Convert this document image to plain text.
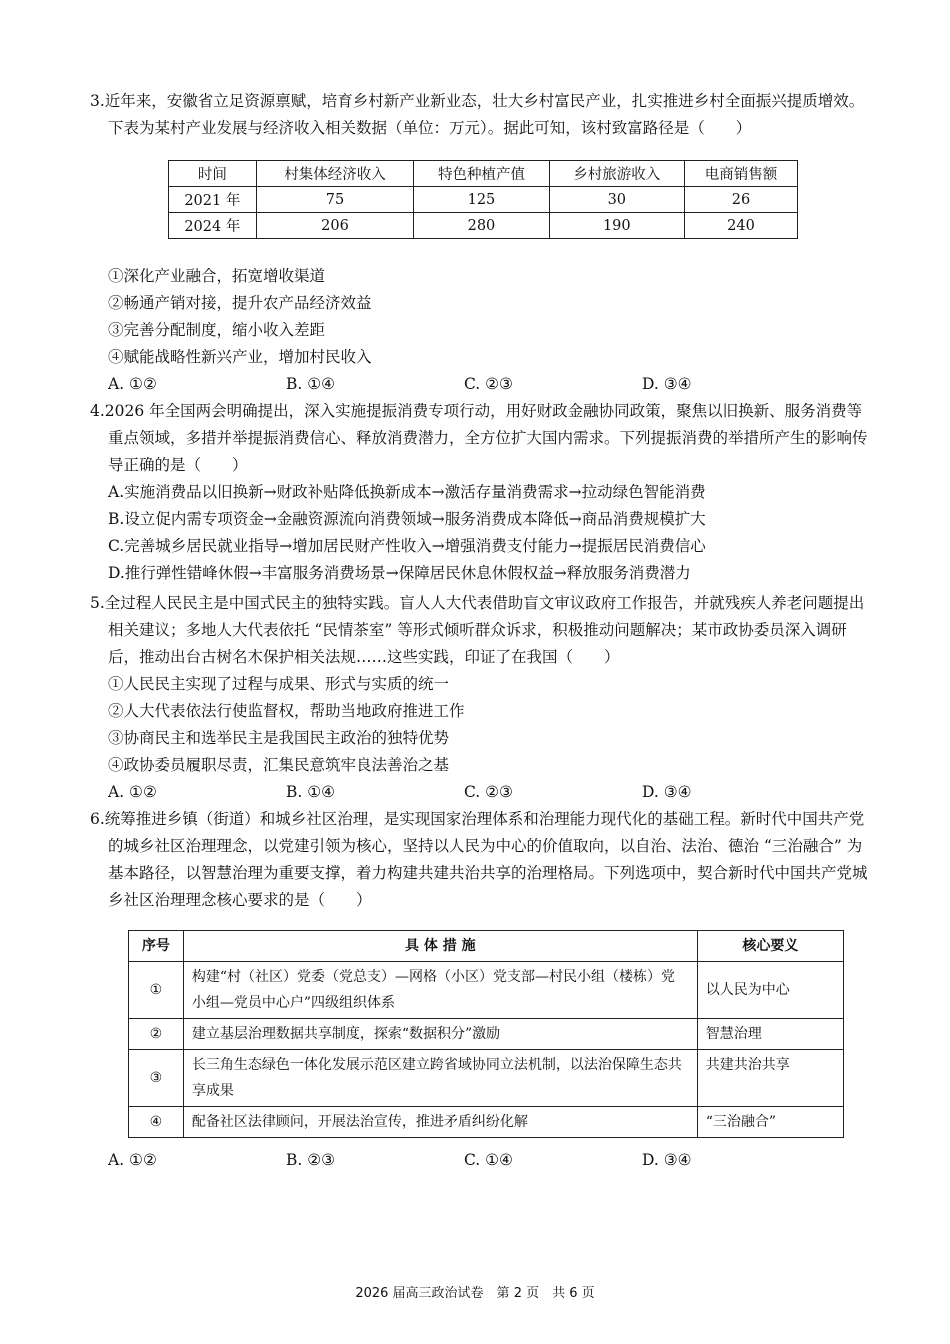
3.近年来，安徽省立足资源禀赋，培育乡村新产业新业态，壮大乡村富民产业，扎实推进乡村全面振兴提质增效。下表为某村产业发展与经济收入相关数据（单位：万元）。据此可知，该村致富路径是（　　）

时间	村集体经济收入	特色种植产值	乡村旅游收入	电商销售额
2021 年	75	125	30	26
2024 年	206	280	190	240

①深化产业融合，拓宽增收渠道

②畅通产销对接，提升农产品经济效益

③完善分配制度，缩小收入差距

④赋能战略性新兴产业，增加村民收入

A. ①②	B. ①④	C. ②③	D. ③④

4.2026 年全国两会明确提出，深入实施提振消费专项行动，用好财政金融协同政策，聚焦以旧换新、服务消费等重点领域，多措并举提振消费信心、释放消费潜力，全方位扩大国内需求。下列提振消费的举措所产生的影响传导正确的是（　　）

A.实施消费品以旧换新→财政补贴降低换新成本→激活存量消费需求→拉动绿色智能消费

B.设立促内需专项资金→金融资源流向消费领域→服务消费成本降低→商品消费规模扩大

C.完善城乡居民就业指导→增加居民财产性收入→增强消费支付能力→提振居民消费信心

D.推行弹性错峰休假→丰富服务消费场景→保障居民休息休假权益→释放服务消费潜力

5.全过程人民民主是中国式民主的独特实践。盲人人大代表借助盲文审议政府工作报告，并就残疾人养老问题提出相关建议；多地人大代表依托 “民情茶室” 等形式倾听群众诉求，积极推动问题解决；某市政协委员深入调研后，推动出台古树名木保护相关法规……这些实践，印证了在我国（　　）

①人民民主实现了过程与成果、形式与实质的统一

②人大代表依法行使监督权，帮助当地政府推进工作

③协商民主和选举民主是我国民主政治的独特优势

④政协委员履职尽责，汇集民意筑牢良法善治之基

A. ①②	B. ①④	C. ②③	D. ③④

6.统筹推进乡镇（街道）和城乡社区治理，是实现国家治理体系和治理能力现代化的基础工程。新时代中国共产党的城乡社区治理理念，以党建引领为核心，坚持以人民为中心的价值取向，以自治、法治、德治 “三治融合” 为基本路径，以智慧治理为重要支撑，着力构建共建共治共享的治理格局。下列选项中，契合新时代中国共产党城乡社区治理理念核心要求的是（　　）

序号	具 体 措 施	核心要义
①	构建“村（社区）党委（党总支）—网格（小区）党支部—村民小组（楼栋）党小组—党员中心户”四级组织体系	以人民为中心
②	建立基层治理数据共享制度，探索“数据积分”激励	智慧治理
③	长三角生态绿色一体化发展示范区建立跨省域协同立法机制，以法治保障生态共享成果	共建共治共享
④	配备社区法律顾问，开展法治宣传，推进矛盾纠纷化解	“三治融合”
A. ①②	B. ②③	C. ①④	D. ③④
2026 届高三政治试卷　第 2 页　共 6 页
